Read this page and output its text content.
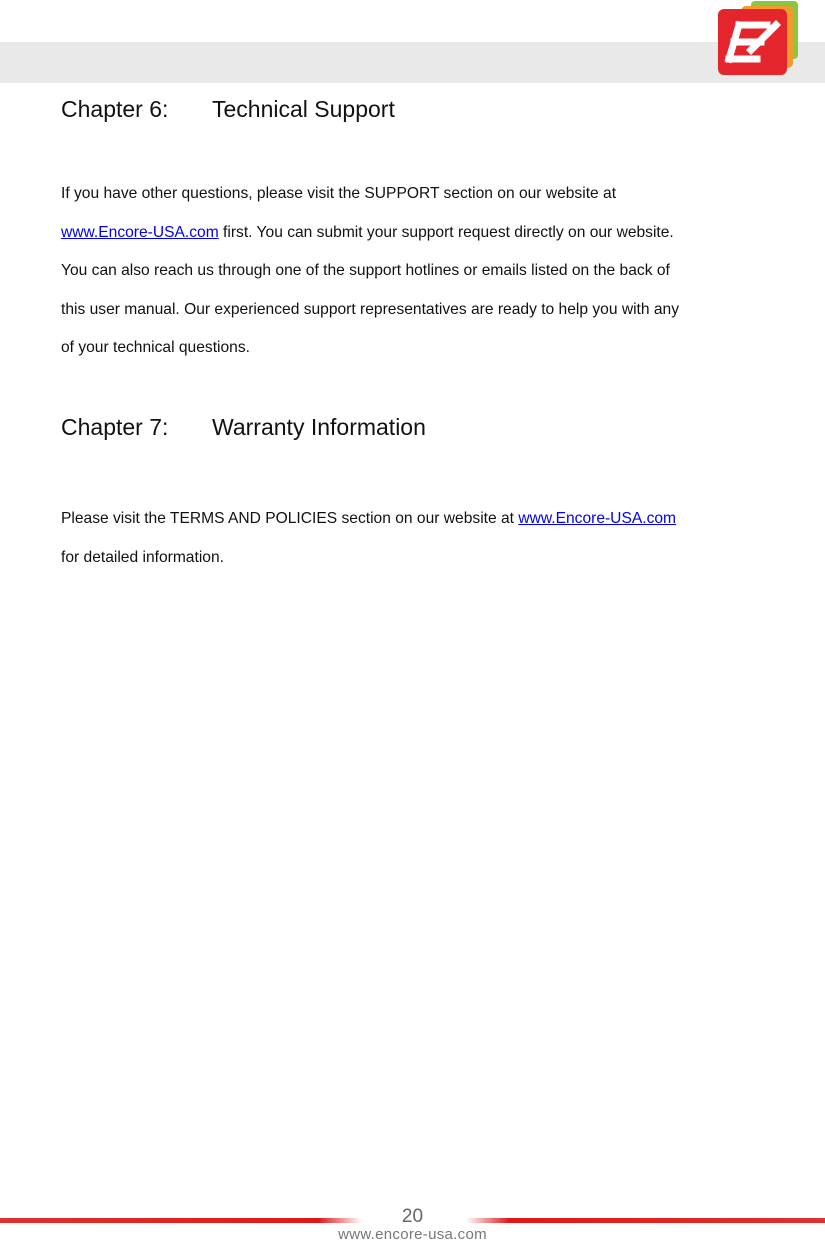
Chapter 6: Technical Support

If you have other questions, please visit the SUPPORT section on our website at
www.Encore-USA.com first. You can submit your support request directly on our website.
You can also reach us through one of the support hotlines or emails listed on the back of
this user manual. Our experienced support representatives are ready to help you with any
of your technical questions.

Chapter 7: Warranty Information

Please visit the TERMS AND POLICIES section on our website at www.Encore-USA.com
for detailed information.

20
www.encore-usa.com
